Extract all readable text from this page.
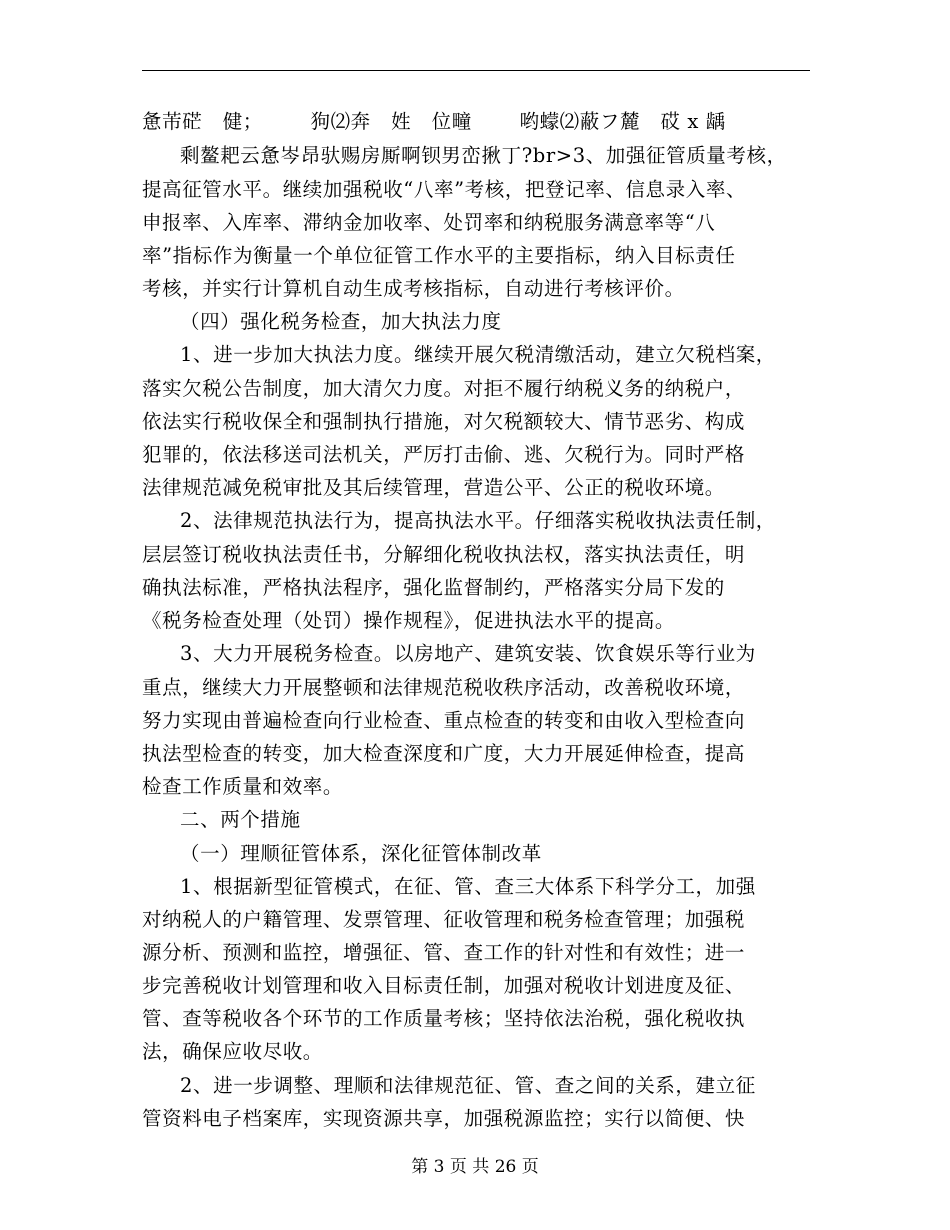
惫芾硭   健；       狗⑵奔   姓   位疃       哟蠓⑵蔽フ麓   砹 x 龋
剩鳌耙云惫岑昂驮赐房厮啊钡男峦揪丁?br>3、加强征管质量考核，
提高征管水平。继续加强税收“八率”考核，把登记率、信息录入率、
申报率、入库率、滞纳金加收率、处罚率和纳税服务满意率等“八
率”指标作为衡量一个单位征管工作水平的主要指标，纳入目标责任
考核，并实行计算机自动生成考核指标，自动进行考核评价。
（四）强化税务检查，加大执法力度
1、进一步加大执法力度。继续开展欠税清缴活动，建立欠税档案，
落实欠税公告制度，加大清欠力度。对拒不履行纳税义务的纳税户，
依法实行税收保全和强制执行措施，对欠税额较大、情节恶劣、构成
犯罪的，依法移送司法机关，严厉打击偷、逃、欠税行为。同时严格
法律规范减免税审批及其后续管理，营造公平、公正的税收环境。
2、法律规范执法行为，提高执法水平。仔细落实税收执法责任制，
层层签订税收执法责任书，分解细化税收执法权，落实执法责任，明
确执法标准，严格执法程序，强化监督制约，严格落实分局下发的
《税务检查处理（处罚）操作规程》，促进执法水平的提高。
3、大力开展税务检查。以房地产、建筑安装、饮食娱乐等行业为
重点，继续大力开展整顿和法律规范税收秩序活动，改善税收环境，
努力实现由普遍检查向行业检查、重点检查的转变和由收入型检查向
执法型检查的转变，加大检查深度和广度，大力开展延伸检查，提高
检查工作质量和效率。
二、两个措施
（一）理顺征管体系，深化征管体制改革
1、根据新型征管模式，在征、管、查三大体系下科学分工，加强
对纳税人的户籍管理、发票管理、征收管理和税务检查管理；加强税
源分析、预测和监控，增强征、管、查工作的针对性和有效性；进一
步完善税收计划管理和收入目标责任制，加强对税收计划进度及征、
管、查等税收各个环节的工作质量考核；坚持依法治税，强化税收执
法，确保应收尽收。
2、进一步调整、理顺和法律规范征、管、查之间的关系，建立征
管资料电子档案库，实现资源共享，加强税源监控；实行以简便、快
第 3 页 共 26 页
